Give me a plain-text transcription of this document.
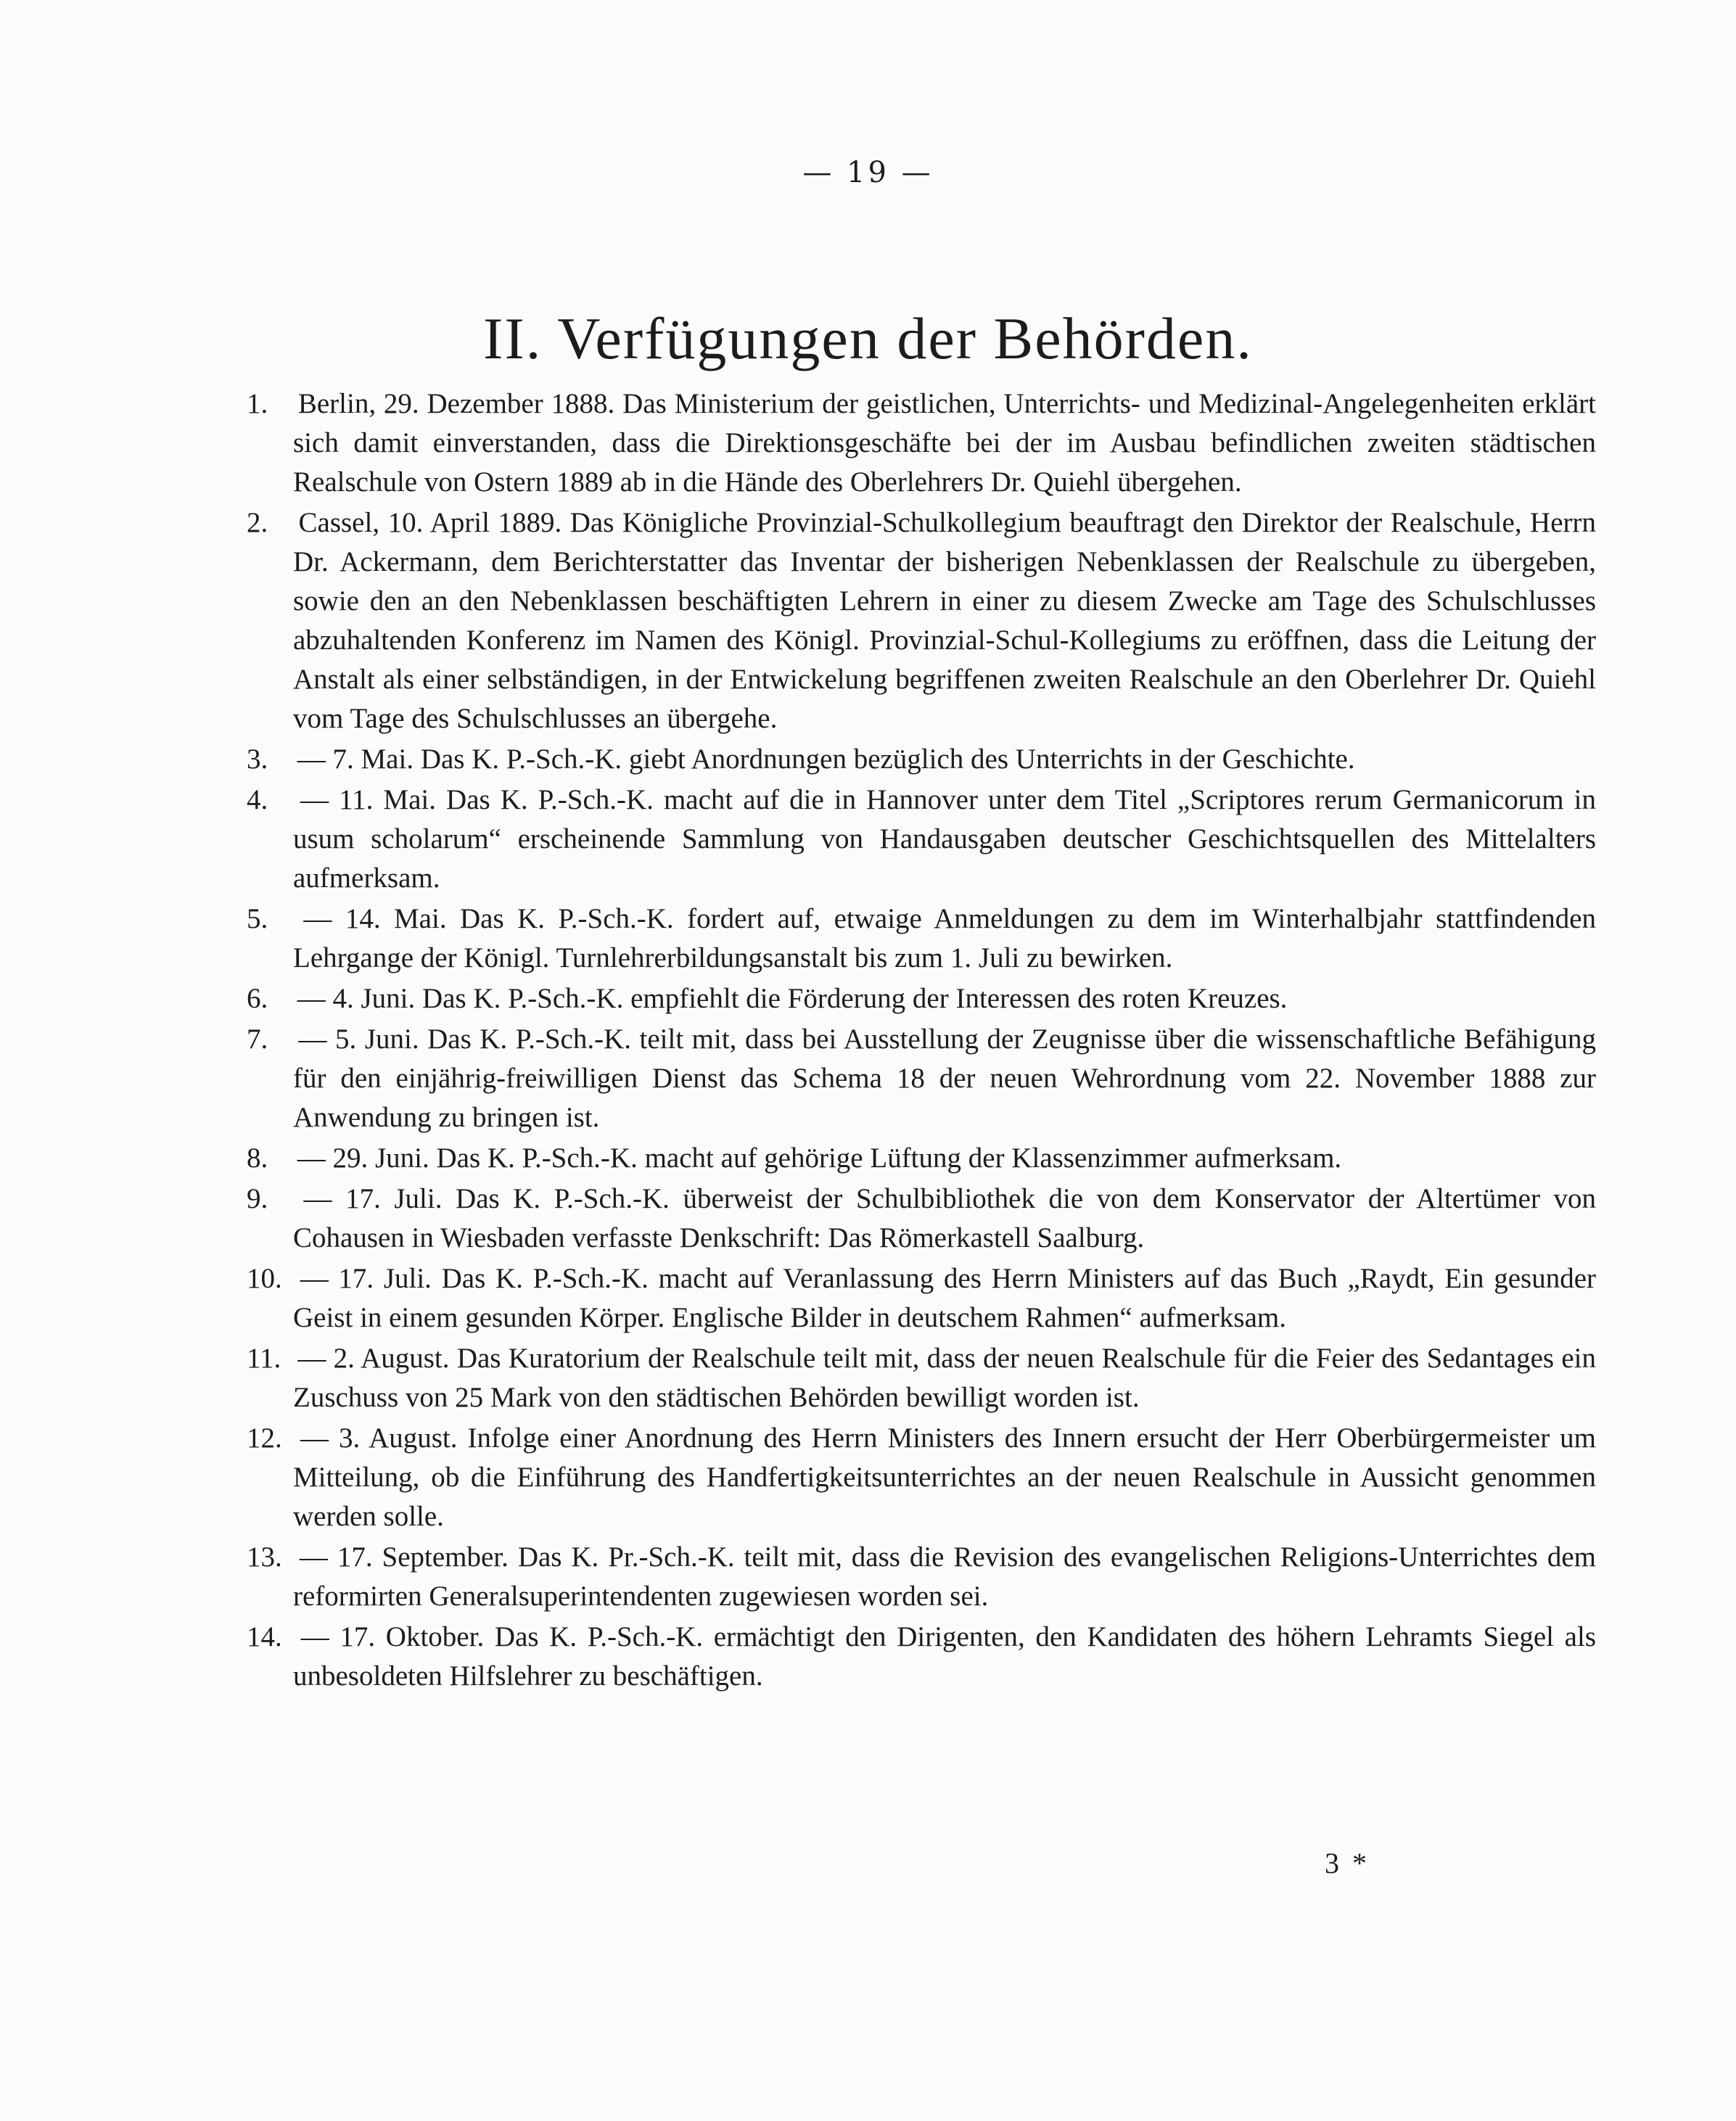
— 19 —
II. Verfügungen der Behörden.

1. Berlin, 29. Dezember 1888. Das Ministerium der geistlichen, Unterrichts- und Medizinal-Angelegenheiten erklärt sich damit einverstanden, dass die Direktionsgeschäfte bei der im Ausbau befindlichen zweiten städtischen Realschule von Ostern 1889 ab in die Hände des Oberlehrers Dr. Quiehl übergehen.

2. Cassel, 10. April 1889. Das Königliche Provinzial-Schulkollegium beauftragt den Direktor der Realschule, Herrn Dr. Ackermann, dem Berichterstatter das Inventar der bisherigen Nebenklassen der Realschule zu übergeben, sowie den an den Nebenklassen beschäftigten Lehrern in einer zu diesem Zwecke am Tage des Schulschlusses abzuhaltenden Konferenz im Namen des Königl. Provinzial-Schul-Kollegiums zu eröffnen, dass die Leitung der Anstalt als einer selbständigen, in der Entwickelung begriffenen zweiten Realschule an den Oberlehrer Dr. Quiehl vom Tage des Schulschlusses an übergehe.

3. — 7. Mai. Das K. P.-Sch.-K. giebt Anordnungen bezüglich des Unterrichts in der Geschichte.

4. — 11. Mai. Das K. P.-Sch.-K. macht auf die in Hannover unter dem Titel „Scriptores rerum Germanicorum in usum scholarum“ erscheinende Sammlung von Handausgaben deutscher Geschichtsquellen des Mittelalters aufmerksam.

5. — 14. Mai. Das K. P.-Sch.-K. fordert auf, etwaige Anmeldungen zu dem im Winterhalbjahr stattfindenden Lehrgange der Königl. Turnlehrerbildungsanstalt bis zum 1. Juli zu bewirken.

6. — 4. Juni. Das K. P.-Sch.-K. empfiehlt die Förderung der Interessen des roten Kreuzes.

7. — 5. Juni. Das K. P.-Sch.-K. teilt mit, dass bei Ausstellung der Zeugnisse über die wissenschaftliche Befähigung für den einjährig-freiwilligen Dienst das Schema 18 der neuen Wehrordnung vom 22. November 1888 zur Anwendung zu bringen ist.

8. — 29. Juni. Das K. P.-Sch.-K. macht auf gehörige Lüftung der Klassenzimmer aufmerksam.

9. — 17. Juli. Das K. P.-Sch.-K. überweist der Schulbibliothek die von dem Konservator der Altertümer von Cohausen in Wiesbaden verfasste Denkschrift: Das Römerkastell Saalburg.

10. — 17. Juli. Das K. P.-Sch.-K. macht auf Veranlassung des Herrn Ministers auf das Buch „Raydt, Ein gesunder Geist in einem gesunden Körper. Englische Bilder in deutschem Rahmen“ aufmerksam.

11. — 2. August. Das Kuratorium der Realschule teilt mit, dass der neuen Realschule für die Feier des Sedantages ein Zuschuss von 25 Mark von den städtischen Behörden bewilligt worden ist.

12. — 3. August. Infolge einer Anordnung des Herrn Ministers des Innern ersucht der Herr Oberbürgermeister um Mitteilung, ob die Einführung des Handfertigkeitsunterrichtes an der neuen Realschule in Aussicht genommen werden solle.

13. — 17. September. Das K. Pr.-Sch.-K. teilt mit, dass die Revision des evangelischen Religions-Unterrichtes dem reformirten Generalsuperintendenten zugewiesen worden sei.

14. — 17. Oktober. Das K. P.-Sch.-K. ermächtigt den Dirigenten, den Kandidaten des höhern Lehramts Siegel als unbesoldeten Hilfslehrer zu beschäftigen.

3 *
